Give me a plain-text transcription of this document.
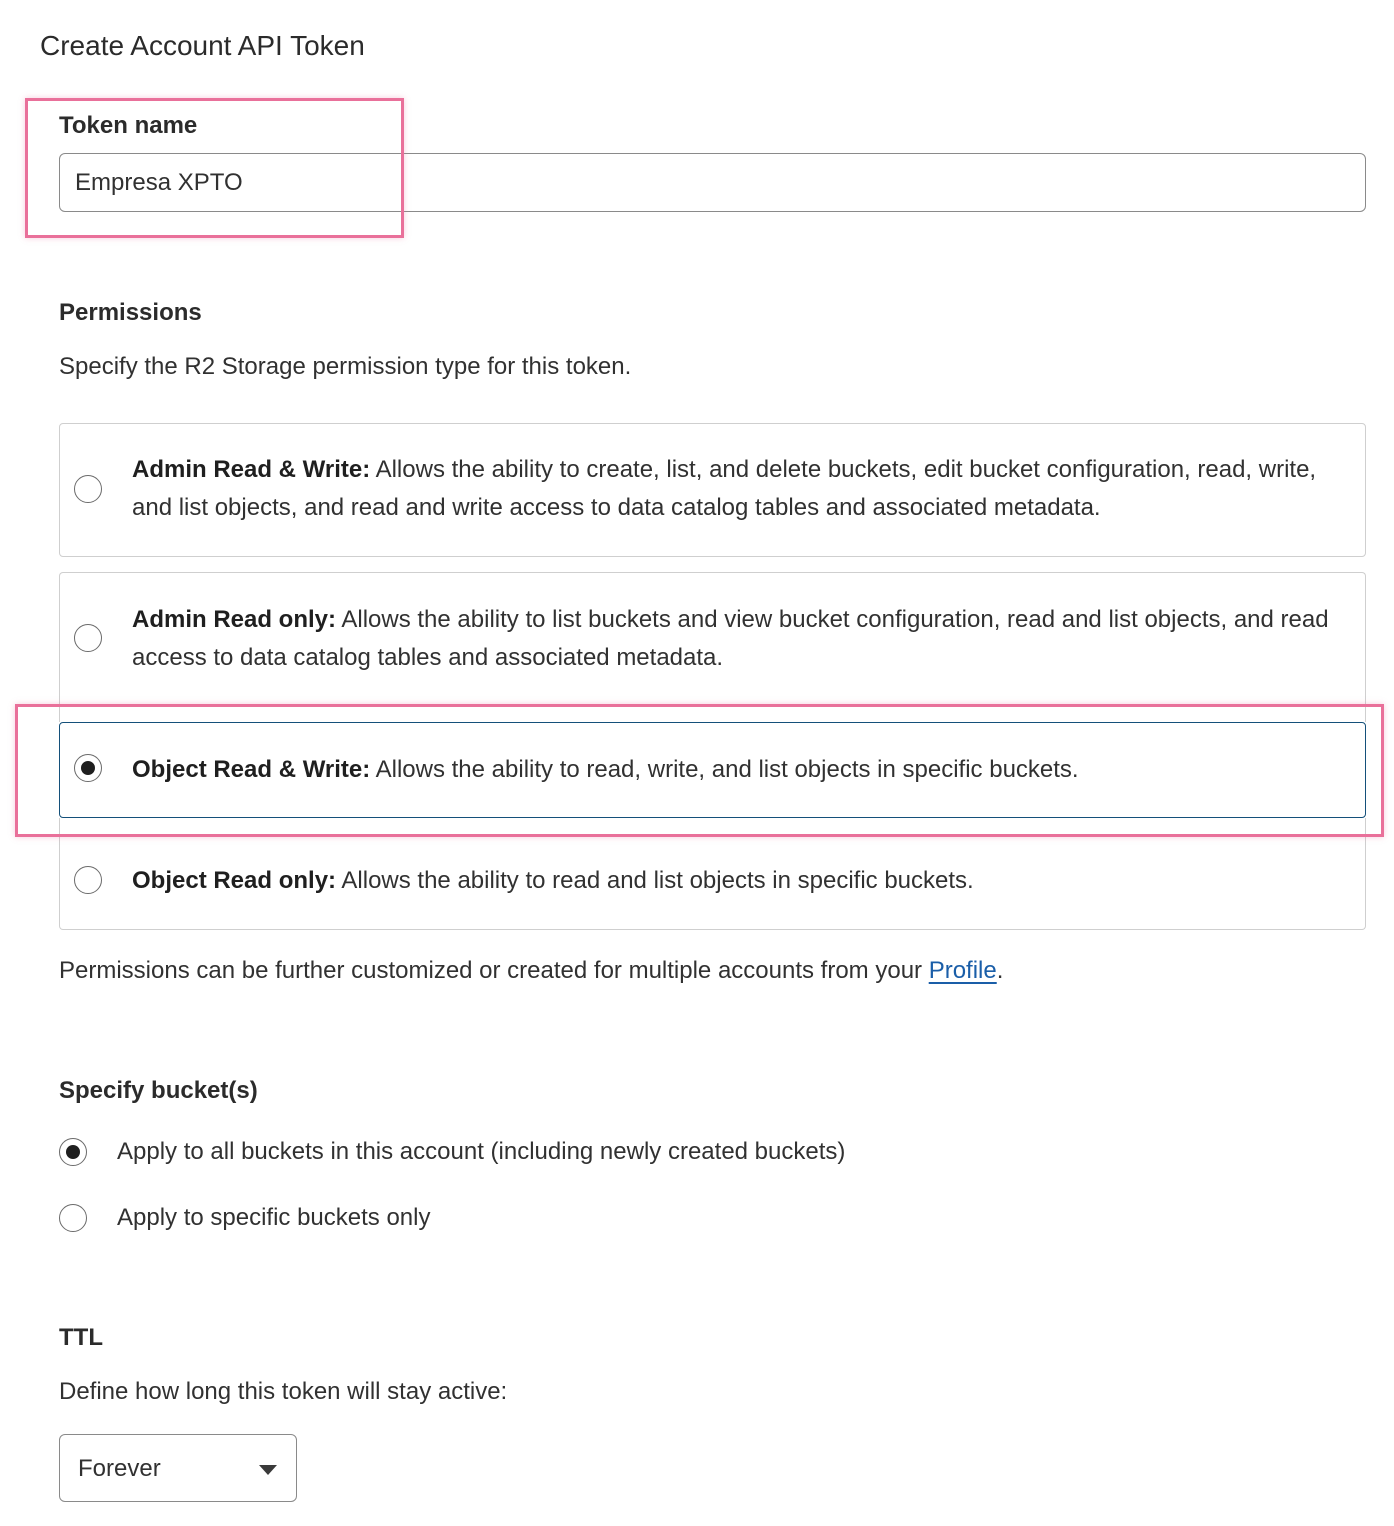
Create Account API Token
Token name
Empresa XPTO
Permissions
Specify the R2 Storage permission type for this token.
Admin Read & Write: Allows the ability to create, list, and delete buckets, edit bucket configuration, read, write, and list objects, and read and write access to data catalog tables and associated metadata.
Admin Read only: Allows the ability to list buckets and view bucket configuration, read and list objects, and read access to data catalog tables and associated metadata.
Object Read & Write: Allows the ability to read, write, and list objects in specific buckets.
Object Read only: Allows the ability to read and list objects in specific buckets.
Permissions can be further customized or created for multiple accounts from your Profile.
Specify bucket(s)
Apply to all buckets in this account (including newly created buckets)
Apply to specific buckets only
TTL
Define how long this token will stay active:
Forever
